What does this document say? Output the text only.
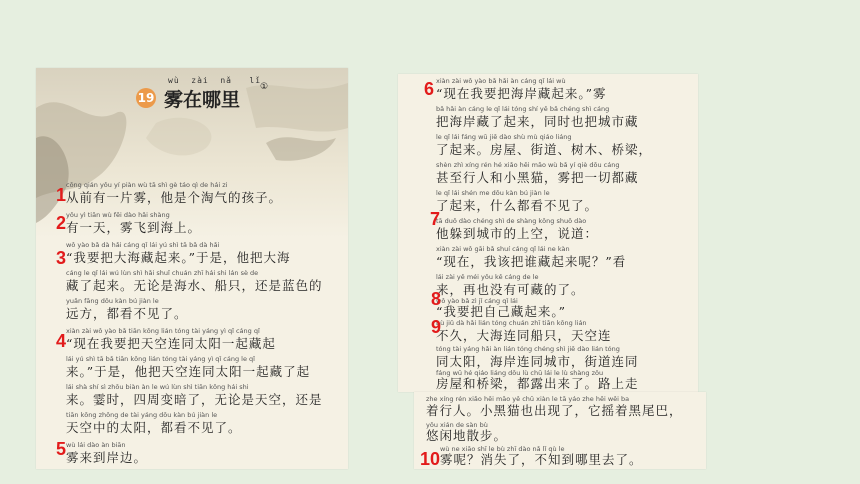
19
wù  zài  nǎ   lǐ
雾在哪里
①
cōng qián yǒu yí piàn wù tā shì gè táo qì de hái zi
从前有一片雾，他是个淘气的孩子。
yǒu yì tiān wù fēi dào hǎi shàng
有一天，雾飞到海上。
wǒ yào bǎ dà hǎi cáng qǐ lái yú shì tā bǎ dà hǎi
“我要把大海藏起来。”于是，他把大海
cáng le qǐ lái wú lùn shì hǎi shuǐ chuán zhī hái shi lán sè de
藏了起来。无论是海水、船只，还是蓝色的
yuǎn fāng dōu kàn bú jiàn le
远方，都看不见了。
xiàn zài wǒ yào bǎ tiān kōng lián tóng tài yáng yì qǐ cáng qǐ
“现在我要把天空连同太阳一起藏起
lái yú shì tā bǎ tiān kōng lián tóng tài yáng yì qǐ cáng le qǐ
来。”于是，他把天空连同太阳一起藏了起
lái shà shí sì zhōu biàn àn le wú lùn shì tiān kōng hái shi
来。霎时，四周变暗了，无论是天空，还是
tiān kōng zhōng de tài yáng dōu kàn bú jiàn le
天空中的太阳，都看不见了。
wù lái dào àn biān
雾来到岸边。
xiàn zài wǒ yào bǎ hǎi àn cáng qǐ lái wù
“现在我要把海岸藏起来。”雾
bǎ hǎi àn cáng le qǐ lái tóng shí yě bǎ chéng shì cáng
把海岸藏了起来，同时也把城市藏
le qǐ lái fáng wū jiē dào shù mù qiáo liáng
了起来。房屋、街道、树木、桥梁，
shèn zhì xíng rén hé xiǎo hēi māo wù bǎ yí qiè dōu cáng
甚至行人和小黑猫，雾把一切都藏
le qǐ lái shén me dōu kàn bú jiàn le
了起来，什么都看不见了。
tā duǒ dào chéng shì de shàng kōng shuō dào
他躲到城市的上空，说道：
xiàn zài wǒ gāi bǎ shuí cáng qǐ lái ne kàn
“现在，我该把谁藏起来呢？”看
lái zài yě méi yǒu kě cáng de le
来，再也没有可藏的了。
wǒ yào bǎ zì jǐ cáng qǐ lái
“我要把自己藏起来。”
bù jiǔ dà hǎi lián tóng chuán zhī tiān kōng lián
不久，大海连同船只，天空连
tóng tài yáng hǎi àn lián tóng chéng shì jiē dào lián tóng
同太阳，海岸连同城市，街道连同
fáng wū hé qiáo liáng dōu lù chū lái le lù shàng zǒu
房屋和桥梁，都露出来了。路上走
zhe xíng rén xiǎo hēi māo yě chū xiàn le tā yáo zhe hēi wěi ba
着行人。小黑猫也出现了，它摇着黑尾巴，
yōu xián de sàn bù
悠闲地散步。
wù ne xiāo shī le bù zhī dào nǎ lǐ qù le
雾呢？消失了，不知到哪里去了。
1
2
3
4
5
6
7
8
9
10
